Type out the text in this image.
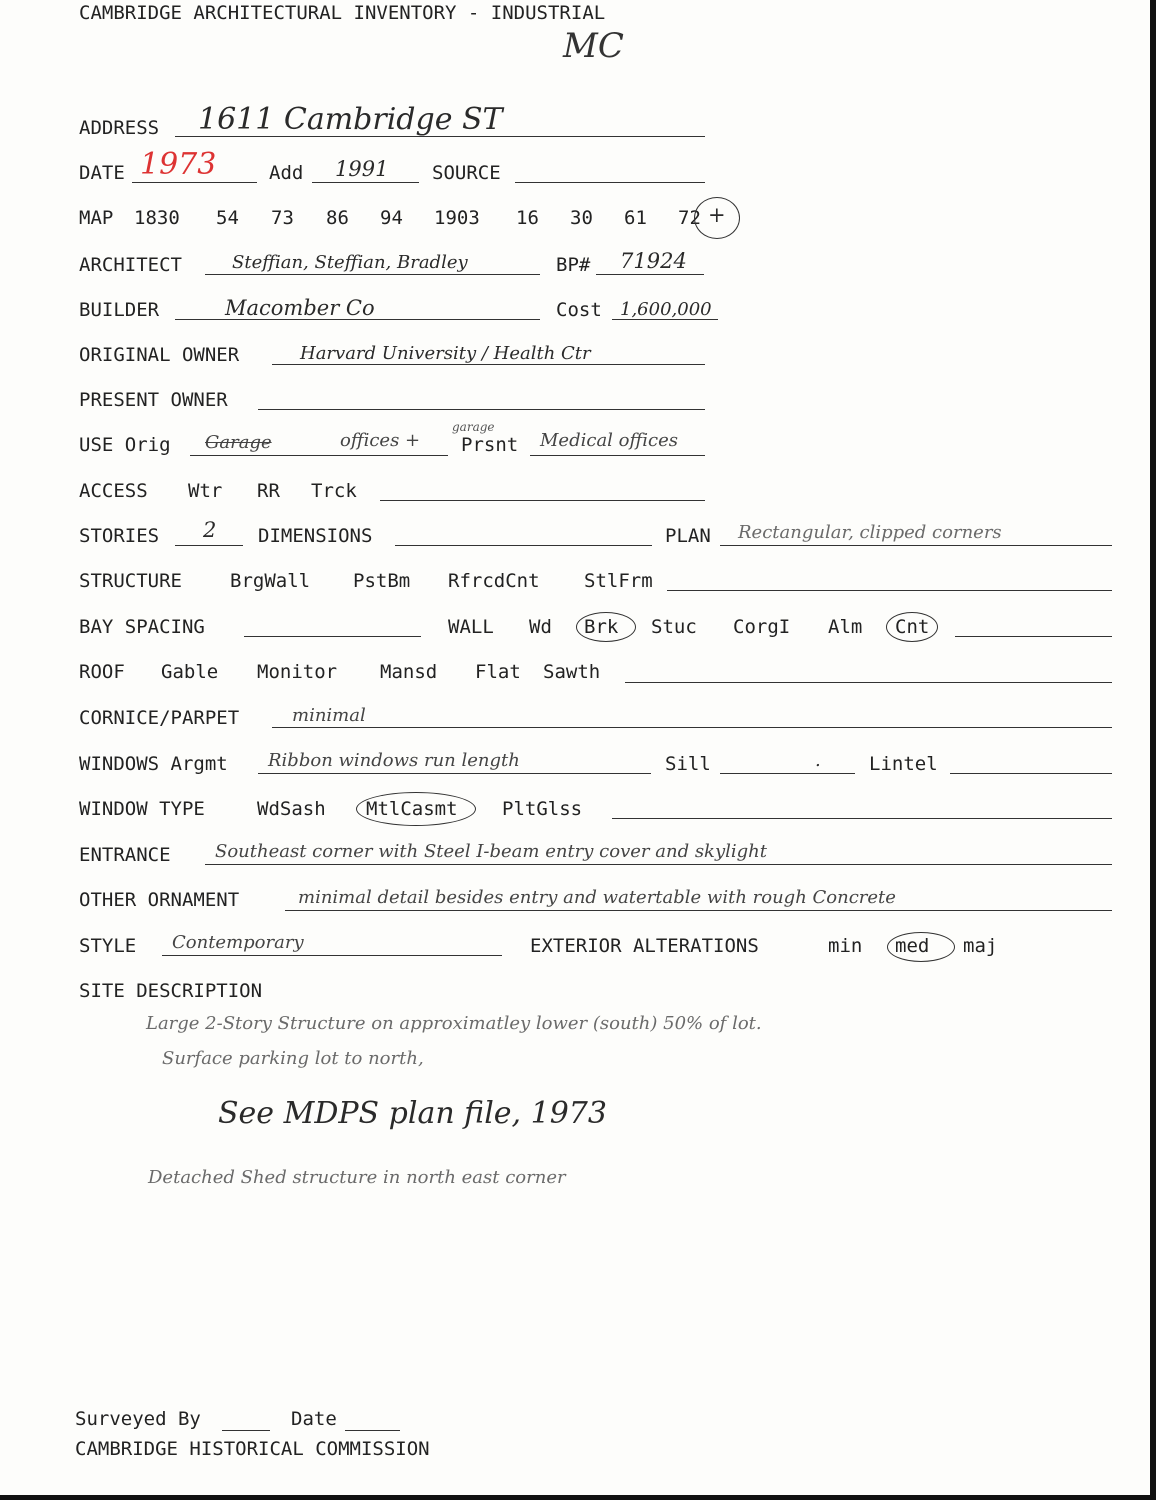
CAMBRIDGE ARCHITECTURAL INVENTORY - INDUSTRIAL
MC
ADDRESS 1611 Cambridge ST
DATE 1973	Add 1991 SOURCE
MAP 1830 54 73 86 94 1903 16 30 61 72 +
ARCHITECT	Steffian, Steffian, Bradley	BP# 71924
BUILDER	Macomber Co	Cost 1,600,000
ORIGINAL OWNER	Harvard University / Health Ctr
PRESENT OWNER
USE Orig Garage	offices +
garage
Prsnt Medical offices
ACCESS Wtr RR Trck
STORIES 2 DIMENSIONS	PLAN Rectangular, clipped corners
STRUCTURE	BrgWall PstBm RfrcdCnt StlFrm
BAY SPACING	WALL Wd Brk Stuc CorgI Alm Cnt
ROOF Gable Monitor Mansd Flat Sawth
CORNICE/PARPET	minimal
WINDOWS Argmt Ribbon windows run length	Sill	.	Lintel
WINDOW TYPE	WdSash MtlCasmt PltGlss
ENTRANCE Southeast corner with Steel I-beam entry cover and skylight
OTHER ORNAMENT	minimal detail besides entry and watertable with rough Concrete
STYLE Contemporary	EXTERIOR ALTERATIONS	min med maj
SITE DESCRIPTION
Large 2-Story Structure on approximatley lower (south) 50% of lot.
Surface parking lot to north,
See MDPS plan file, 1973
Detached Shed structure in north east corner
Surveyed By	Date
CAMBRIDGE HISTORICAL COMMISSION
